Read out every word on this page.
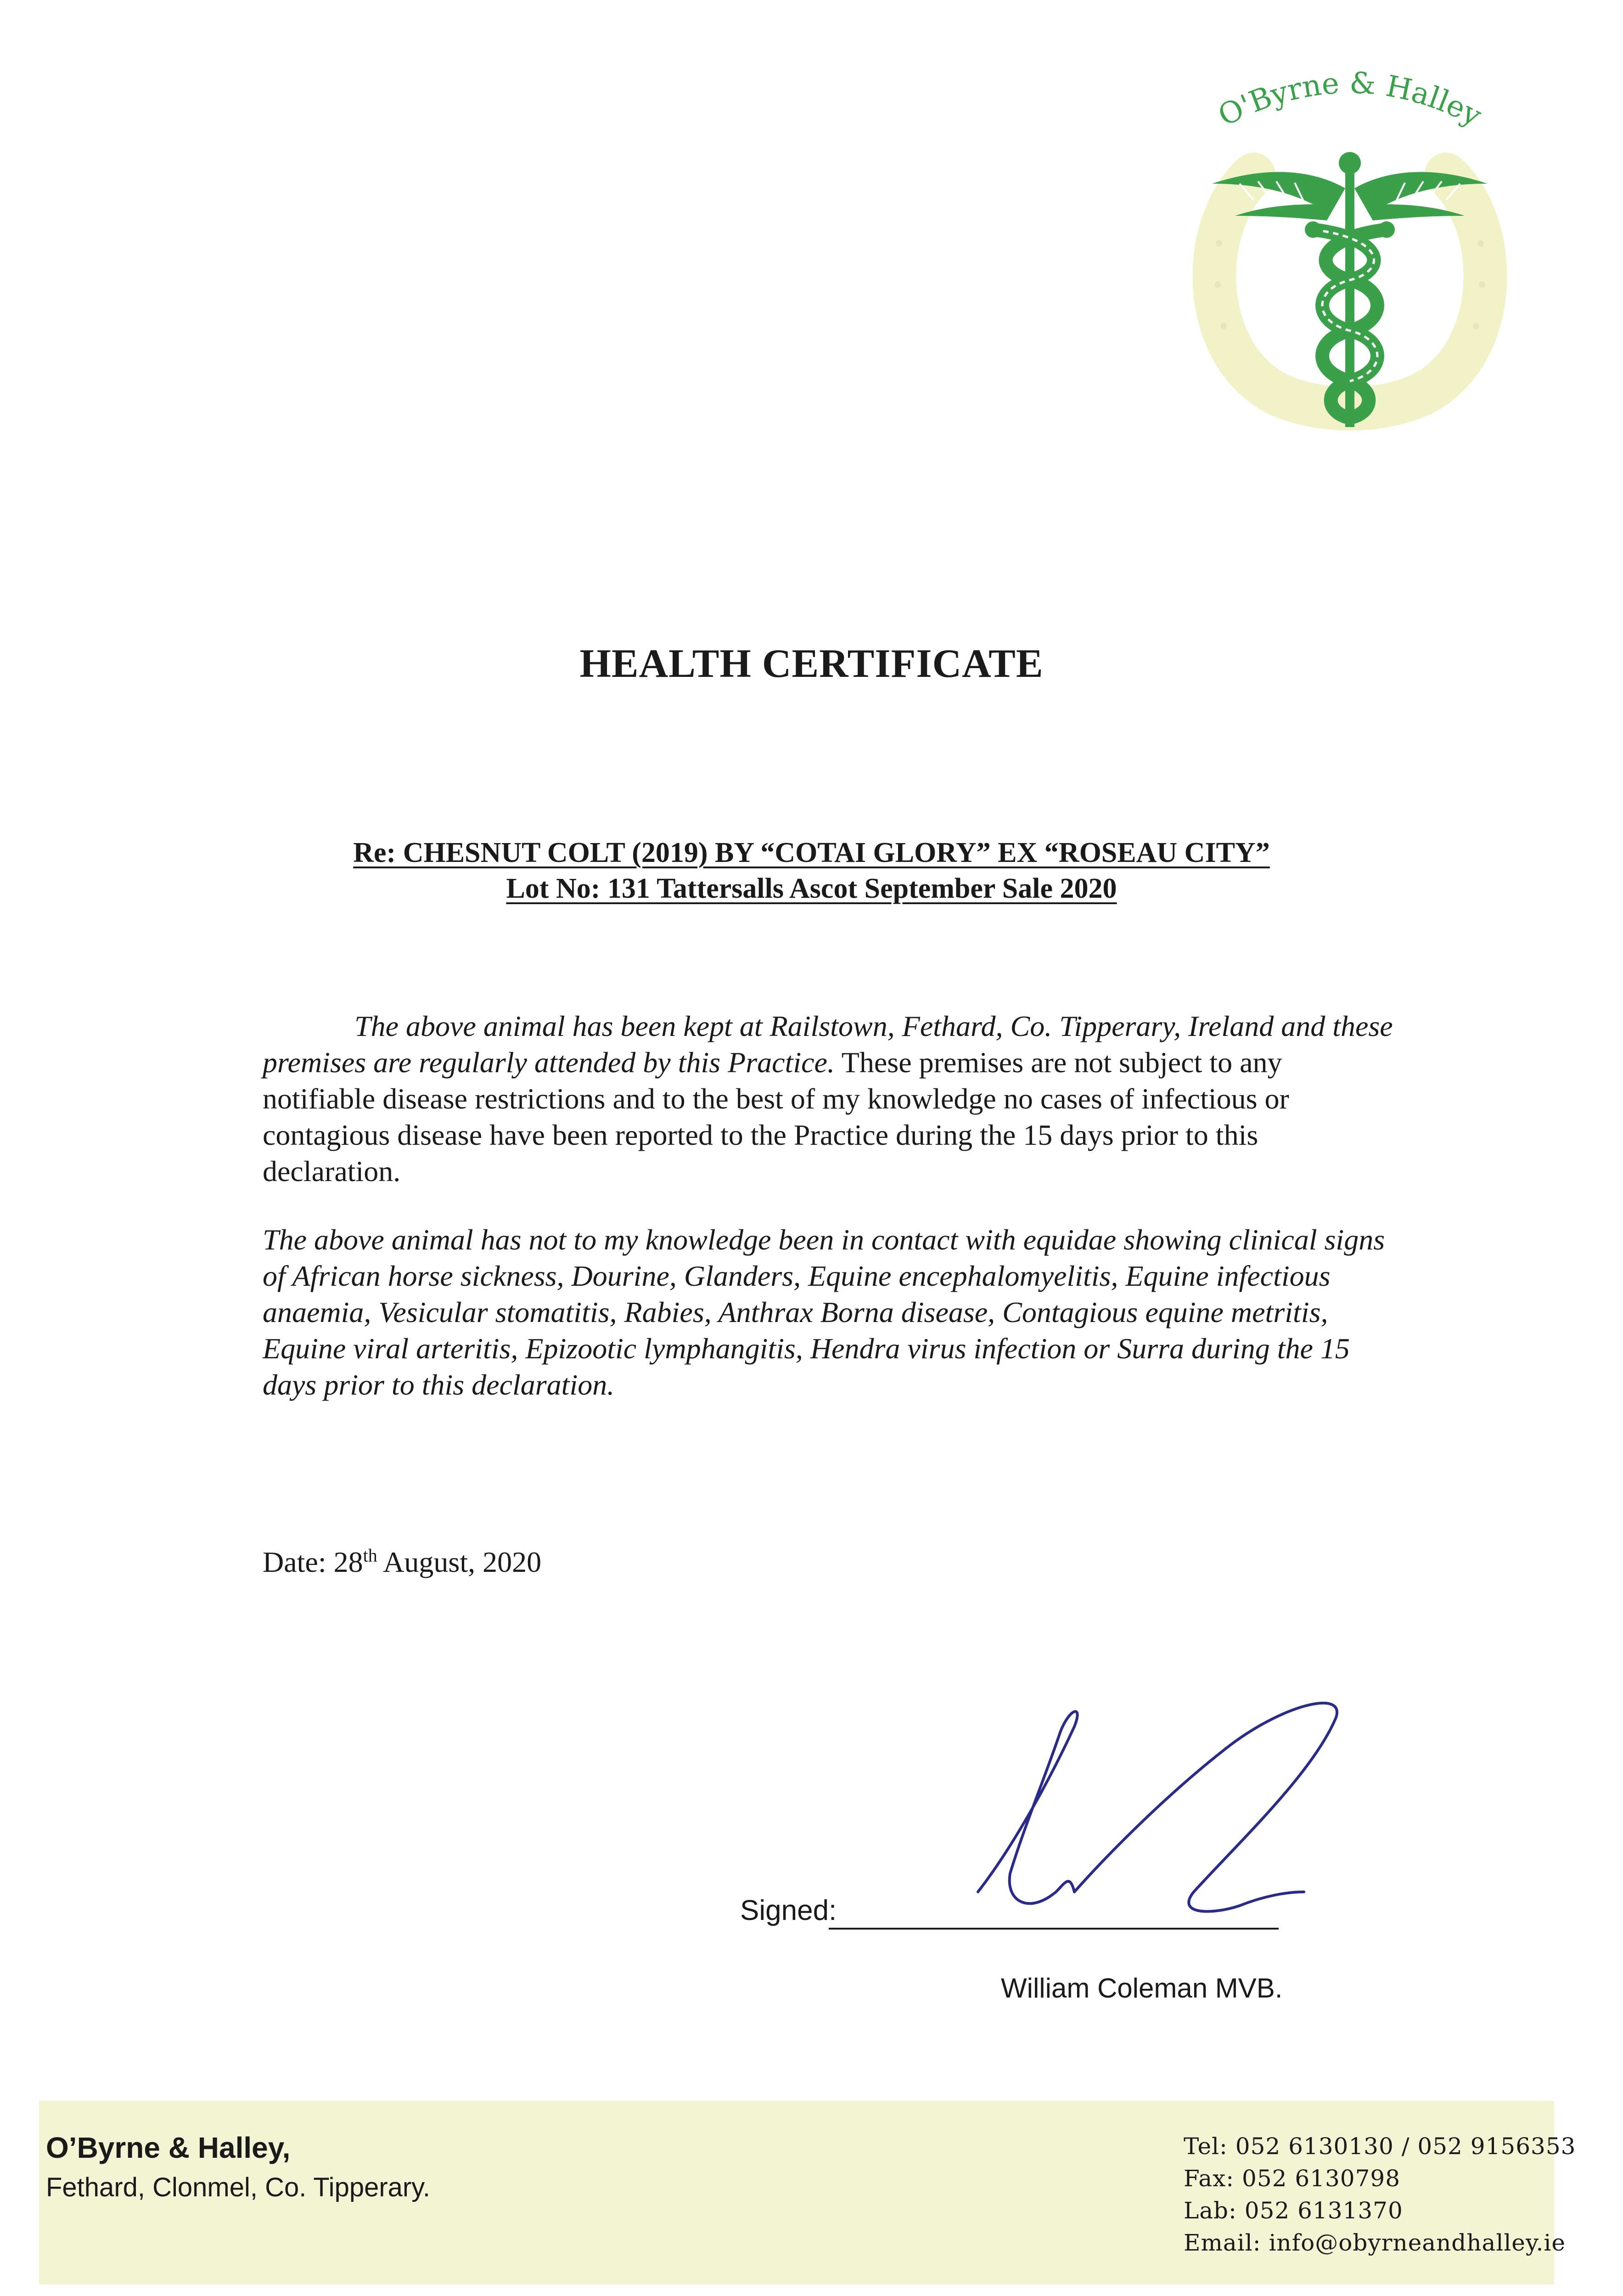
O'Byrne & Halley
HEALTH CERTIFICATE
Re: CHESNUT COLT (2019) BY “COTAI GLORY” EX “ROSEAU CITY”
Lot No: 131 Tattersalls Ascot September Sale 2020

The above animal has been kept at Railstown, Fethard, Co. Tipperary, Ireland and these premises are regularly attended by this Practice. These premises are not subject to any notifiable disease restrictions and to the best of my knowledge no cases of infectious or contagious disease have been reported to the Practice during the 15 days prior to this declaration.

The above animal has not to my knowledge been in contact with equidae showing clinical signs of African horse sickness, Dourine, Glanders, Equine encephalomyelitis, Equine infectious anaemia, Vesicular stomatitis, Rabies, Anthrax Borna disease, Contagious equine metritis, Equine viral arteritis, Epizootic lymphangitis, Hendra virus infection or Surra during the 15 days prior to this declaration.

Date: 28th August, 2020
Signed:
William Coleman MVB.
O’Byrne & Halley,
Fethard, Clonmel, Co. Tipperary.
Tel: 052 6130130 / 052 9156353
Fax: 052 6130798
Lab: 052 6131370
Email: info@obyrneandhalley.ie
